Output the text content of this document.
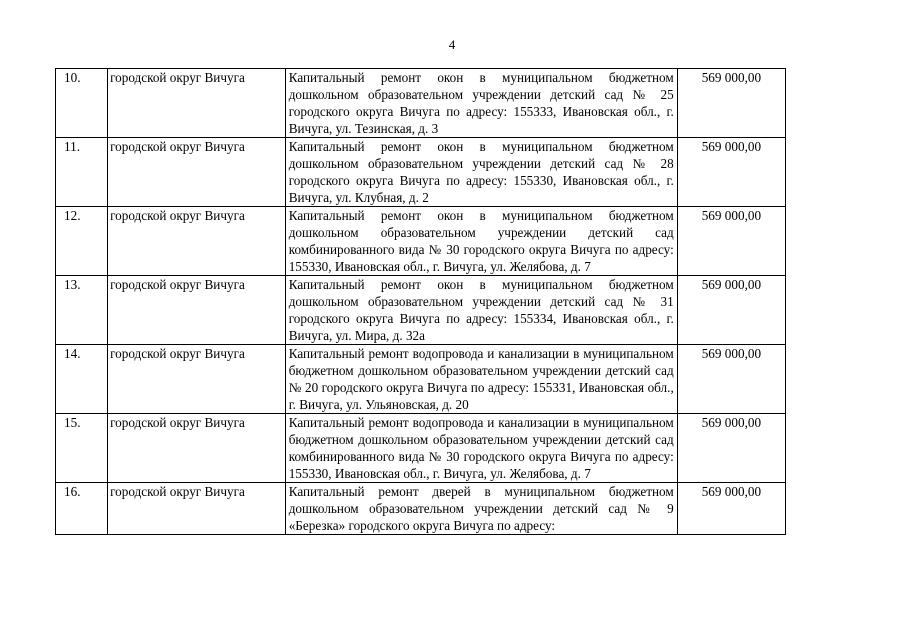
4
10.	городской округ Вичуга	Капитальный ремонт окон в муниципальном бюджетном дошкольном образовательном учреждении детский сад № 25 городского округа Вичуга по адресу: 155333, Ивановская обл., г. Вичуга, ул. Тезинская, д. 3	569 000,00
11.	городской округ Вичуга	Капитальный ремонт окон в муниципальном бюджетном дошкольном образовательном учреждении детский сад № 28 городского округа Вичуга по адресу: 155330, Ивановская обл., г. Вичуга, ул. Клубная, д. 2	569 000,00
12.	городской округ Вичуга	Капитальный ремонт окон в муниципальном бюджетном дошкольном образовательном учреждении детский сад комбинированного вида № 30 городского округа Вичуга по адресу: 155330, Ивановская обл., г. Вичуга, ул. Желябова, д. 7	569 000,00
13.	городской округ Вичуга	Капитальный ремонт окон в муниципальном бюджетном дошкольном образовательном учреждении детский сад № 31 городского округа Вичуга по адресу: 155334, Ивановская обл., г. Вичуга, ул. Мира, д. 32а	569 000,00
14.	городской округ Вичуга	Капитальный ремонт водопровода и канализации в муниципальном бюджетном дошкольном образовательном учреждении детский сад № 20 городского округа Вичуга по адресу: 155331, Ивановская обл., г. Вичуга, ул. Ульяновская, д. 20	569 000,00
15.	городской округ Вичуга	Капитальный ремонт водопровода и канализации в муниципальном бюджетном дошкольном образовательном учреждении детский сад комбинированного вида № 30 городского округа Вичуга по адресу: 155330, Ивановская обл., г. Вичуга, ул. Желябова, д. 7	569 000,00
16.	городской округ Вичуга	Капитальный ремонт дверей в муниципальном бюджетном дошкольном образовательном учреждении детский сад № 9 «Березка» городского округа Вичуга по адресу:	569 000,00
